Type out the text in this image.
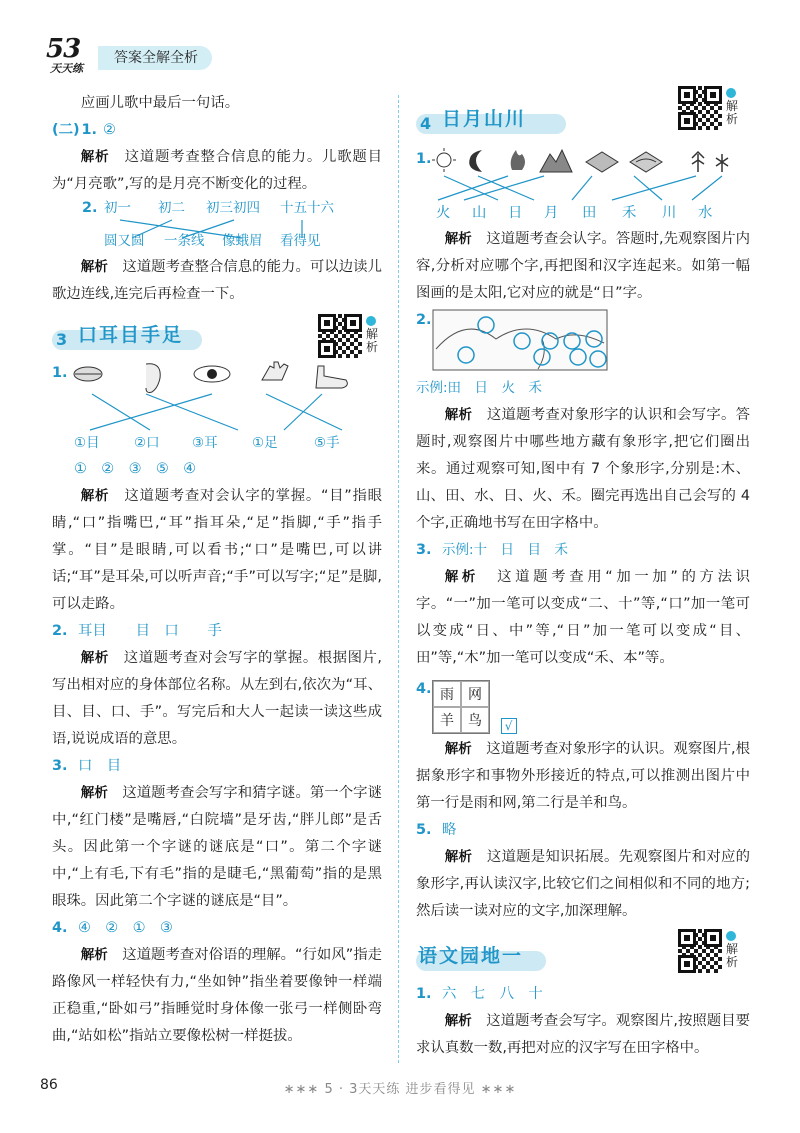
53
天天练
答案全解全析

应画儿歌中最后一句话。

(二) 1. ②

解析　 这道题考查整合信息的能力。儿歌题目为“月亮歌”,写的是月亮不断变化的过程。

2. 初一 初二 初三初四 十五十六
圆又圆 一条线 像蛾眉 看得见

解析　 这道题考查整合信息的能力。可以边读儿歌边连线,连完后再检查一下。

3 口耳目手足	解析
1.
①目	②口 ③耳	①足	⑤手

①　②　③　⑤　④

解析　 这道题考查对会认字的掌握。“目”指眼睛,“口”指嘴巴,“耳”指耳朵,“足”指脚,“手”指手掌。“目”是眼睛,可以看书;“口”是嘴巴,可以讲话;“耳”是耳朵,可以听声音;“手”可以写字;“足”是脚,可以走路。

2. 耳目　　目　口　　手

解析　 这道题考查对会写字的掌握。根据图片,写出相对应的身体部位名称。从左到右,依次为“耳、目、目、口、手”。写完后和大人一起读一读这些成语,说说成语的意思。

3. 口　目

解析　 这道题考查会写字和猜字谜。第一个字谜中,“红门楼”是嘴唇,“白院墙”是牙齿,“胖儿郎”是舌头。因此第一个字谜的谜底是“口”。第二个字谜中,“上有毛,下有毛”指的是睫毛,“黑葡萄”指的是黑眼珠。因此第二个字谜的谜底是“目”。

4. ④　②　①　③

解析　 这道题考查对俗语的理解。“行如风”指走路像风一样轻快有力,“坐如钟”指坐着要像钟一样端正稳重,“卧如弓”指睡觉时身体像一张弓一样侧卧弯曲,“站如松”指站立要像松树一样挺拔。

4 日月山川
解析
1.
火 山 日 月 田 禾 川 水

解析　 这道题考查会认字。答题时,先观察图片内容,分析对应哪个字,再把图和汉字连起来。如第一幅图画的是太阳,它对应的就是“日”字。

2.

示例:田　日　火　禾

解析　 这道题考查对象形字的认识和会写字。答题时,观察图片中哪些地方藏有象形字,把它们圈出来。通过观察可知,图中有 7 个象形字,分别是:木、山、田、水、日、火、禾。圈完再选出自己会写的 4 个字,正确地书写在田字格中。

3. 示例:十　日　目　禾

解析　 这道题考查用“加一加”的方法识字。“一”加一笔可以变成“二、十”等,“口”加一笔可以变成“日、中”等,“日”加一笔可以变成“目、田”等,“木”加一笔可以变成“禾、本”等。

4. 雨	网
羊	鸟	√

解析　 这道题考查对象形字的认识。观察图片,根据象形字和事物外形接近的特点,可以推测出图片中第一行是雨和网,第二行是羊和鸟。

5. 略

解析　 这道题是知识拓展。先观察图片和对应的象形字,再认读汉字,比较它们之间相似和不同的地方;然后读一读对应的文字,加深理解。

语文园地一	解析
1. 六　七　八　十

解析　 这道题考查会写字。观察图片,按照题目要求认真数一数,再把对应的汉字写在田字格中。

86	∗∗∗ 5 · 3天天练 进步看得见 ∗∗∗
